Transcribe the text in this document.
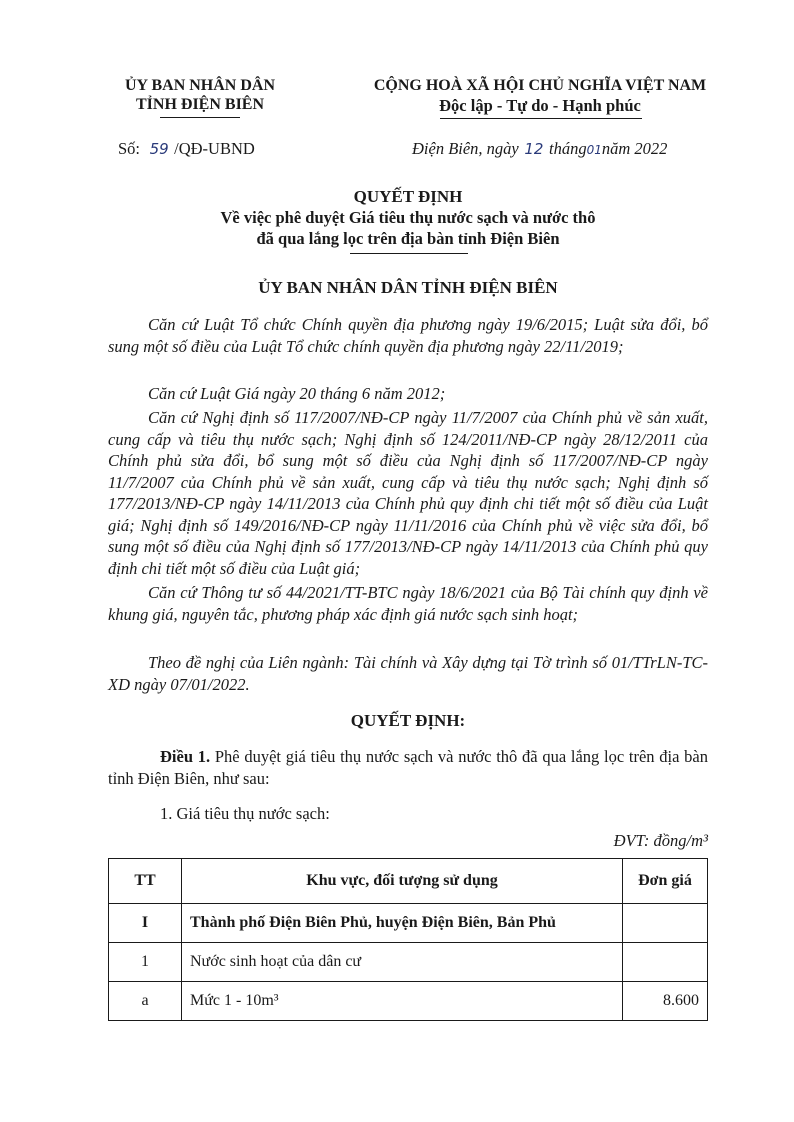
ỦY BAN NHÂN DÂN
TỈNH ĐIỆN BIÊN
CỘNG HOÀ XÃ HỘI CHỦ NGHĨA VIỆT NAM
Độc lập - Tự do - Hạnh phúc
Số: 59 /QĐ-UBND	Điện Biên, ngày 12 tháng01năm 2022
QUYẾT ĐỊNH
Về việc phê duyệt Giá tiêu thụ nước sạch và nước thô
đã qua lắng lọc trên địa bàn tỉnh Điện Biên
ỦY BAN NHÂN DÂN TỈNH ĐIỆN BIÊN
Căn cứ Luật Tổ chức Chính quyền địa phương ngày 19/6/2015; Luật sửa đổi, bổ sung một số điều của Luật Tổ chức chính quyền địa phương ngày 22/11/2019;
Căn cứ Luật Giá ngày 20 tháng 6 năm 2012;
Căn cứ Nghị định số 117/2007/NĐ-CP ngày 11/7/2007 của Chính phủ về sản xuất, cung cấp và tiêu thụ nước sạch; Nghị định số 124/2011/NĐ-CP ngày 28/12/2011 của Chính phủ sửa đổi, bổ sung một số điều của Nghị định số 117/2007/NĐ-CP ngày 11/7/2007 của Chính phủ về sản xuất, cung cấp và tiêu thụ nước sạch; Nghị định số 177/2013/NĐ-CP ngày 14/11/2013 của Chính phủ quy định chi tiết một số điều của Luật giá; Nghị định số 149/2016/NĐ-CP ngày 11/11/2016 của Chính phủ về việc sửa đổi, bổ sung một số điều của Nghị định số 177/2013/NĐ-CP ngày 14/11/2013 của Chính phủ quy định chi tiết một số điều của Luật giá;
Căn cứ Thông tư số 44/2021/TT-BTC ngày 18/6/2021 của Bộ Tài chính quy định về khung giá, nguyên tắc, phương pháp xác định giá nước sạch sinh hoạt;
Theo đề nghị của Liên ngành: Tài chính và Xây dựng tại Tờ trình số 01/TTrLN-TC-XD ngày 07/01/2022.
QUYẾT ĐỊNH:
Điều 1. Phê duyệt giá tiêu thụ nước sạch và nước thô đã qua lắng lọc trên địa bàn tỉnh Điện Biên, như sau:
1. Giá tiêu thụ nước sạch:
ĐVT: đồng/m³
TT	Khu vực, đối tượng sử dụng	Đơn giá
I	Thành phố Điện Biên Phủ, huyện Điện Biên, Bản Phủ	
1	Nước sinh hoạt của dân cư	
a	Mức 1 - 10m³	8.600
